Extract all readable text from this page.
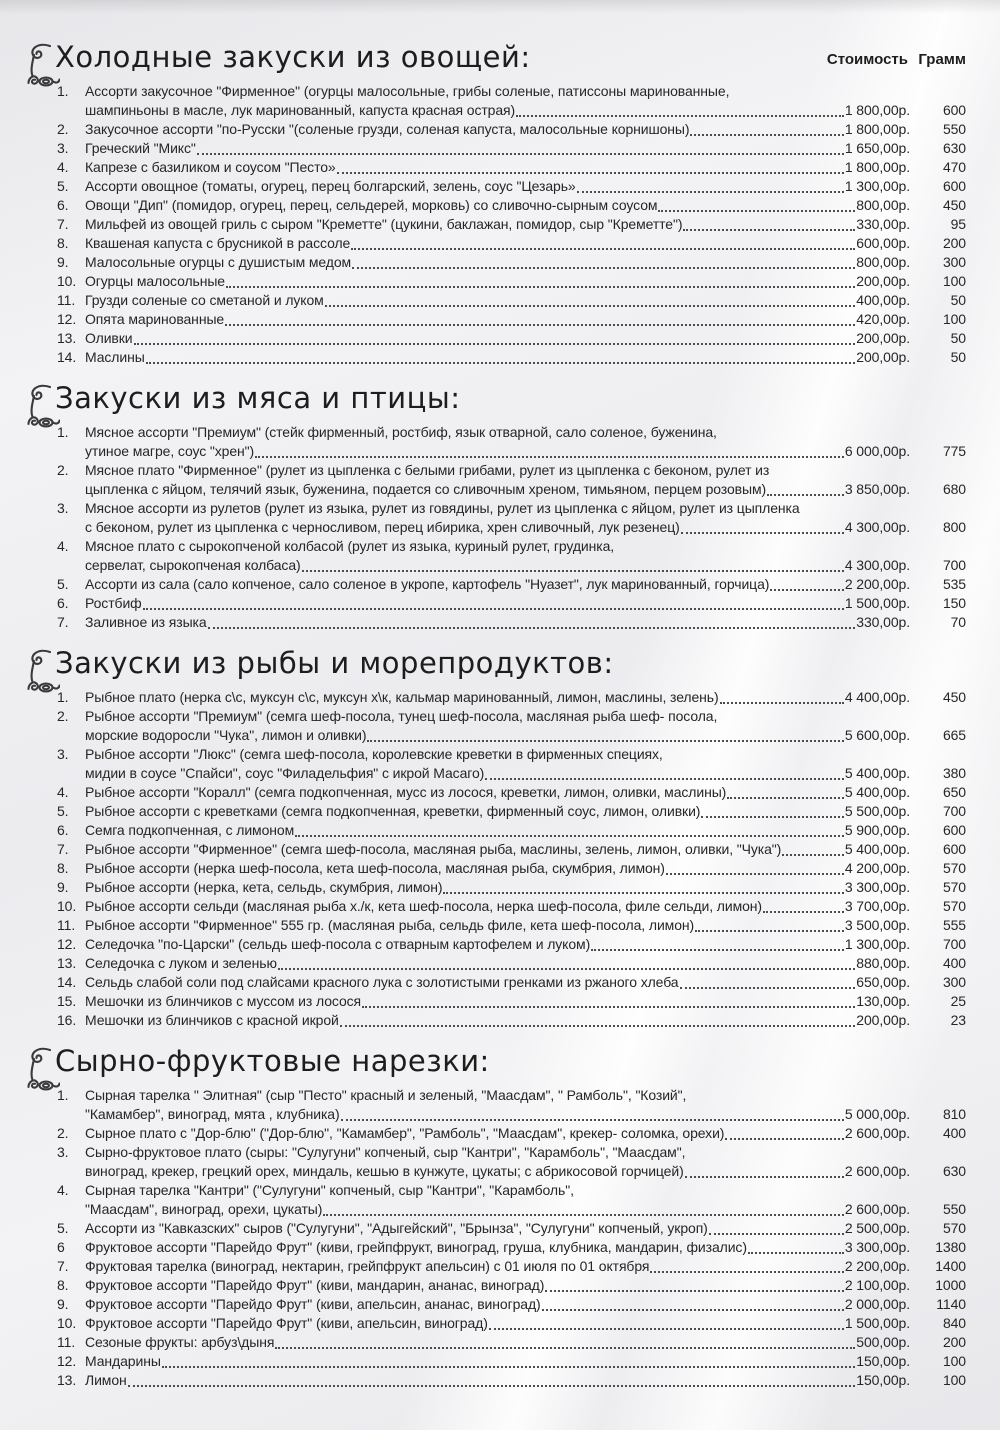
Холодные закуски из овощей:	Стоимость Грамм
1.	Ассорти закусочное "Фирменное" (огурцы малосольные, грибы соленые, патиссоны маринованные,
шампиньоны в масле, лук маринованный, капуста красная острая)	1 800,00р.	600
2.	Закусочное ассорти "по-Русски "(соленые грузди, соленая капуста, малосольные корнишоны)	1 800,00р.	550
3.	Греческий "Микс"	1 650,00р.	630
4.	Капрезе с базиликом и соусом "Песто»	1 800,00р.	470
5.	Ассорти овощное (томаты, огурец, перец болгарский, зелень, соус "Цезарь»	1 300,00р.	600
6.	Овощи "Дип" (помидор, огурец, перец, сельдерей, морковь) со сливочно-сырным соусом	800,00р.	450
7.	Мильфей из овощей гриль с сыром "Креметте" (цукини, баклажан, помидор, сыр "Креметте")	330,00р.	95
8.	Квашеная капуста с брусникой в рассоле	600,00р.	200
9.	Малосольные огурцы с душистым медом	800,00р.	300
10. Огурцы малосольные	200,00р.	100
11. Грузди соленые со сметаной и луком	400,00р.	50
12. Опята маринованные	420,00р.	100
13. Оливки	200,00р.	50
14. Маслины	200,00р.	50
Закуски из мяса и птицы:
1.	Мясное ассорти "Премиум" (стейк фирменный, ростбиф, язык отварной, сало соленое, буженина,
утиное магре, соус "хрен")	6 000,00р.	775
2.	Мясное плато "Фирменное" (рулет из цыпленка с белыми грибами, рулет из цыпленка с беконом, рулет из
цыпленка с яйцом, телячий язык, буженина, подается со сливочным хреном, тимьяном, перцем розовым)	3 850,00р.	680
3.	Мясное ассорти из рулетов (рулет из языка, рулет из говядины, рулет из цыпленка с яйцом, рулет из цыпленка
с беконом, рулет из цыпленка с черносливом, перец ибирика, хрен сливочный, лук резенец)	4 300,00р.	800
4.	Мясное плато с сырокопченой колбасой (рулет из языка, куриный рулет, грудинка,
сервелат, сырокопченая колбаса)	4 300,00р.	700
5.	Ассорти из сала (сало копченое, сало соленое в укропе, картофель "Нуазет", лук маринованный, горчица)	2 200,00р.	535
6.	Ростбиф	1 500,00р.	150
7.	Заливное из языка	330,00р.	70
Закуски из рыбы и морепродуктов:
1.	Рыбное плато (нерка с\с, муксун с\с, муксун х\к, кальмар маринованный, лимон, маслины, зелень)	4 400,00р.	450
2.	Рыбное ассорти "Премиум" (семга шеф-посола, тунец шеф-посола, масляная рыба шеф- посола,
морские водоросли "Чука", лимон и оливки)	5 600,00р.	665
3.	Рыбное ассорти "Люкс" (семга шеф-посола, королевские креветки в фирменных специях,
мидии в соусе "Спайси", соус "Филадельфия" с икрой Масаго)	5 400,00р.	380
4.	Рыбное ассорти "Коралл" (семга подкопченная, мусс из лосося, креветки, лимон, оливки, маслины)	5 400,00р.	650
5.	Рыбное ассорти с креветками (семга подкопченная, креветки, фирменный соус, лимон, оливки)	5 500,00р.	700
6.	Семга подкопченная, с лимоном	5 900,00р.	600
7.	Рыбное ассорти "Фирменное" (семга шеф-посола, масляная рыба, маслины, зелень, лимон, оливки, "Чука")	5 400,00р.	600
8.	Рыбное ассорти (нерка шеф-посола, кета шеф-посола, масляная рыба, скумбрия, лимон)	4 200,00р.	570
9.	Рыбное ассорти (нерка, кета, сельдь, скумбрия, лимон)	3 300,00р.	570
10. Рыбное ассорти сельди (масляная рыба х./к, кета шеф-посола, нерка шеф-посола, филе сельди, лимон)	3 700,00р.	570
11. Рыбное ассорти "Фирменное" 555 гр. (масляная рыба, сельдь филе, кета шеф-посола, лимон)	3 500,00р.	555
12. Селедочка "по-Царски" (сельдь шеф-посола с отварным картофелем и луком)	1 300,00р.	700
13. Селедочка с луком и зеленью	880,00р.	400
14. Сельдь слабой соли под слайсами красного лука с золотистыми гренками из ржаного хлеба	650,00р.	300
15. Мешочки из блинчиков с муссом из лосося	130,00р.	25
16. Мешочки из блинчиков с красной икрой	200,00р.	23
Сырно-фруктовые нарезки:
1.	Сырная тарелка " Элитная" (сыр "Песто" красный и зеленый, "Маасдам", " Рамболь", "Козий",
"Камамбер", виноград, мята , клубника)	5 000,00р.	810
2.	Сырное плато с "Дор-блю" ("Дор-блю", "Камамбер", "Рамболь", "Маасдам", крекер- соломка, орехи)	2 600,00р.	400
3.	Сырно-фруктовое плато (сыры: "Сулугуни" копченый, сыр "Кантри", "Карамболь", "Маасдам",
виноград, крекер, грецкий орех, миндаль, кешью в кунжуте, цукаты; с абрикосовой горчицей)	2 600,00р.	630
4.	Сырная тарелка "Кантри" ("Сулугуни" копченый, сыр "Кантри", "Карамболь",
"Маасдам", виноград, орехи, цукаты)	2 600,00р.	550
5.	Ассорти из "Кавказских" сыров ("Сулугуни", "Адыгейский", "Брынза", "Сулугуни" копченый, укроп)	2 500,00р.	570
6	Фруктовое ассорти "Парейдо Фрут" (киви, грейпфрукт, виноград, груша, клубника, мандарин, физалис)	3 300,00р.	1380
7.	Фруктовая тарелка (виноград, нектарин, грейпфрукт апельсин) с 01 июля по 01 октября	2 200,00р.	1400
8.	Фруктовое ассорти "Парейдо Фрут" (киви, мандарин, ананас, виноград)	2 100,00р.	1000
9.	Фруктовое ассорти "Парейдо Фрут" (киви, апельсин, ананас, виноград)	2 000,00р.	1140
10. Фруктовое ассорти "Парейдо Фрут" (киви, апельсин, виноград)	1 500,00р.	840
11. Сезоные фрукты: арбуз\дыня	500,00р.	200
12. Мандарины	150,00р.	100
13. Лимон	150,00р.	100
